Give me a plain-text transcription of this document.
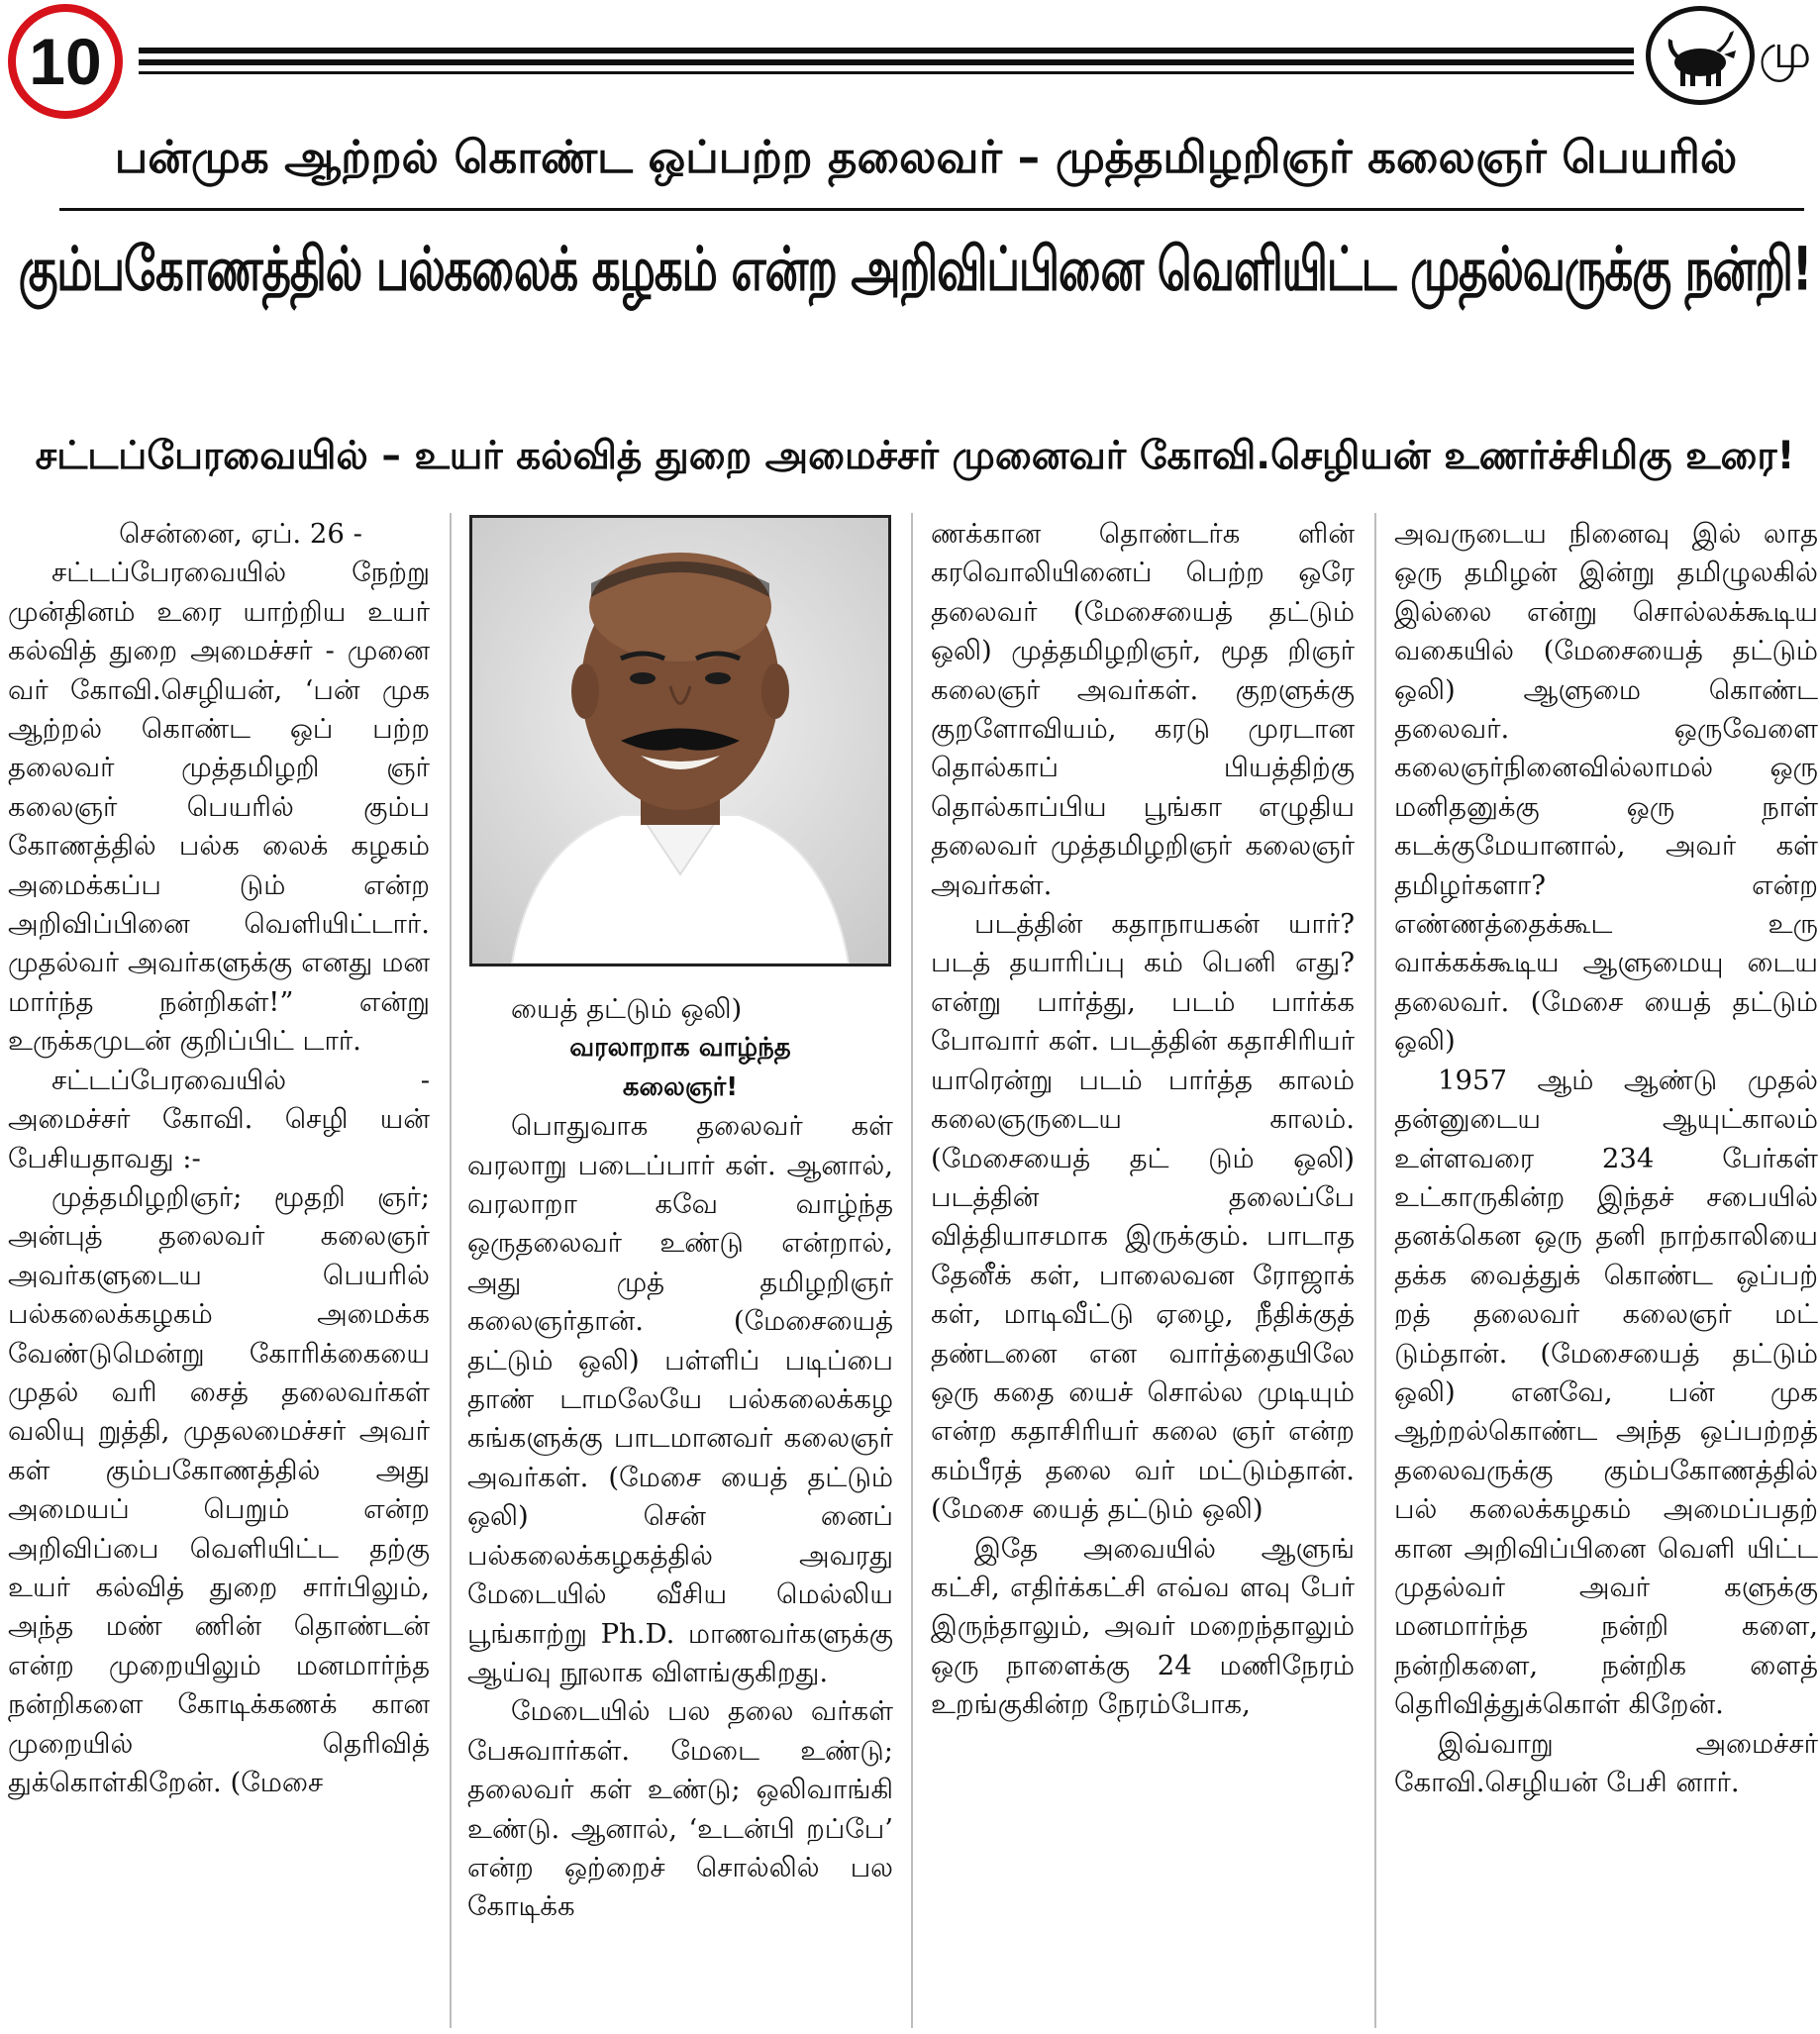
10	மு
பன்முக ஆற்றல் கொண்ட ஒப்பற்ற தலைவர் – முத்தமிழறிஞர் கலைஞர் பெயரில்
கும்பகோணத்தில் பல்கலைக் கழகம் என்ற அறிவிப்பினை வெளியிட்ட முதல்வருக்கு நன்றி!
சட்டப்பேரவையில் – உயர் கல்வித் துறை அமைச்சர் முனைவர் கோவி.செழியன் உணர்ச்சிமிகு உரை!

சென்னை, ஏப். 26 -

சட்டப்பேரவையில் நேற்று முன்தினம் உரை யாற்றிய உயர் கல்வித் துறை அமைச்சர் - முனை வர் கோவி.செழியன், ‘பன் முக ஆற்றல் கொண்ட ஒப் பற்ற தலைவர் முத்தமிழறி ஞர் கலைஞர் பெயரில் கும்ப கோணத்தில் பல்க லைக் கழகம் அமைக்கப்ப டும் என்ற அறிவிப்பினை வெளியிட்டார். முதல்வர் அவர்களுக்கு எனது மன மார்ந்த நன்றிகள்!” என்று உருக்கமுடன் குறிப்பிட் டார்.

சட்டப்பேரவையில் - அமைச்சர் கோவி. செழி யன் பேசியதாவது :-

முத்தமிழறிஞர்; மூதறி ஞர்; அன்புத் தலைவர் கலைஞர் அவர்களுடைய பெயரில் பல்கலைக்கழகம் அமைக்க வேண்டுமென்று கோரிக்கையை முதல் வரி சைத் தலைவர்கள் வலியு றுத்தி, முதலமைச்சர் அவர் கள் கும்பகோணத்தில் அது அமையப் பெறும் என்ற அறிவிப்பை வெளியிட்ட தற்கு உயர் கல்வித் துறை சார்பிலும், அந்த மண் ணின் தொண்டன் என்ற முறையிலும் மனமார்ந்த நன்றிகளை கோடிக்கணக் கான முறையில் தெரிவித் துக்கொள்கிறேன். (மேசை

யைத் தட்டும் ஒலி)

வரலாறாக வாழ்ந்த
கலைஞர்!

பொதுவாக தலைவர் கள் வரலாறு படைப்பார் கள். ஆனால், வரலாறா கவே வாழ்ந்த ஒருதலைவர் உண்டு என்றால், அது முத் தமிழறிஞர் கலைஞர்தான். (மேசையைத் தட்டும் ஒலி) பள்ளிப் படிப்பை தாண் டாமலேயே பல்கலைக்கழ கங்களுக்கு பாடமானவர் கலைஞர் அவர்கள். (மேசை யைத் தட்டும் ஒலி) சென் னைப் பல்கலைக்கழகத்தில் அவரது மேடையில் வீசிய மெல்லிய பூங்காற்று Ph.D. மாணவர்களுக்கு ஆய்வு நூலாக விளங்குகிறது.

மேடையில் பல தலை வர்கள் பேசுவார்கள். மேடை உண்டு; தலைவர் கள் உண்டு; ஒலிவாங்கி உண்டு. ஆனால், ‘உடன்பி றப்பே’ என்ற ஒற்றைச் சொல்லில் பல கோடிக்க

ணக்கான தொண்டர்க ளின் கரவொலியினைப் பெற்ற ஒரே தலைவர் (மேசையைத் தட்டும் ஒலி) முத்தமிழறிஞர், மூத றிஞர் கலைஞர் அவர்கள். குறளுக்கு குறளோவியம், கரடு முரடான தொல்காப் பியத்திற்கு தொல்காப்பிய பூங்கா எழுதிய தலைவர் முத்தமிழறிஞர் கலைஞர் அவர்கள்.

படத்தின் கதாநாயகன் யார்? படத் தயாரிப்பு கம் பெனி எது? என்று பார்த்து, படம் பார்க்க போவார் கள். படத்தின் கதாசிரியர் யாரென்று படம் பார்த்த காலம் கலைஞருடைய காலம். (மேசையைத் தட் டும் ஒலி) படத்தின் தலைப்பே வித்தியாசமாக இருக்கும். பாடாத தேனீக் கள், பாலைவன ரோஜாக் கள், மாடிவீட்டு ஏழை, நீதிக்குத் தண்டனை என வார்த்தையிலே ஒரு கதை யைச் சொல்ல முடியும் என்ற கதாசிரியர் கலை ஞர் என்ற கம்பீரத் தலை வர் மட்டும்தான். (மேசை யைத் தட்டும் ஒலி)

இதே அவையில் ஆளுங் கட்சி, எதிர்க்கட்சி எவ்வ ளவு பேர் இருந்தாலும், அவர் மறைந்தாலும் ஒரு நாளைக்கு 24 மணிநேரம் உறங்குகின்ற நேரம்போக,

அவருடைய நினைவு இல் லாத ஒரு தமிழன் இன்று தமிழுலகில் இல்லை என்று சொல்லக்கூடிய வகையில் (மேசையைத் தட்டும் ஒலி) ஆளுமை கொண்ட தலைவர். ஒருவேளை கலைஞர்நினைவில்லாமல் ஒரு மனிதனுக்கு ஒரு நாள் கடக்குமேயானால், அவர் கள் தமிழர்களா? என்ற எண்ணத்தைக்கூட உரு வாக்கக்கூடிய ஆளுமையு டைய தலைவர். (மேசை யைத் தட்டும் ஒலி)

1957 ஆம் ஆண்டு முதல் தன்னுடைய ஆயுட்காலம் உள்ளவரை 234 பேர்கள் உட்காருகின்ற இந்தச் சபையில் தனக்கென ஒரு தனி நாற்காலியை தக்க வைத்துக் கொண்ட ஒப்பற் றத் தலைவர் கலைஞர் மட் டும்தான். (மேசையைத் தட்டும் ஒலி) எனவே, பன் முக ஆற்றல்கொண்ட அந்த ஒப்பற்றத் தலைவருக்கு கும்பகோணத்தில் பல் கலைக்கழகம் அமைப்பதற் கான அறிவிப்பினை வெளி யிட்ட முதல்வர் அவர் களுக்கு மனமார்ந்த நன்றி களை, நன்றிகளை, நன்றிக ளைத் தெரிவித்துக்கொள் கிறேன்.

இவ்வாறு அமைச்சர் கோவி.செழியன் பேசி னார்.
